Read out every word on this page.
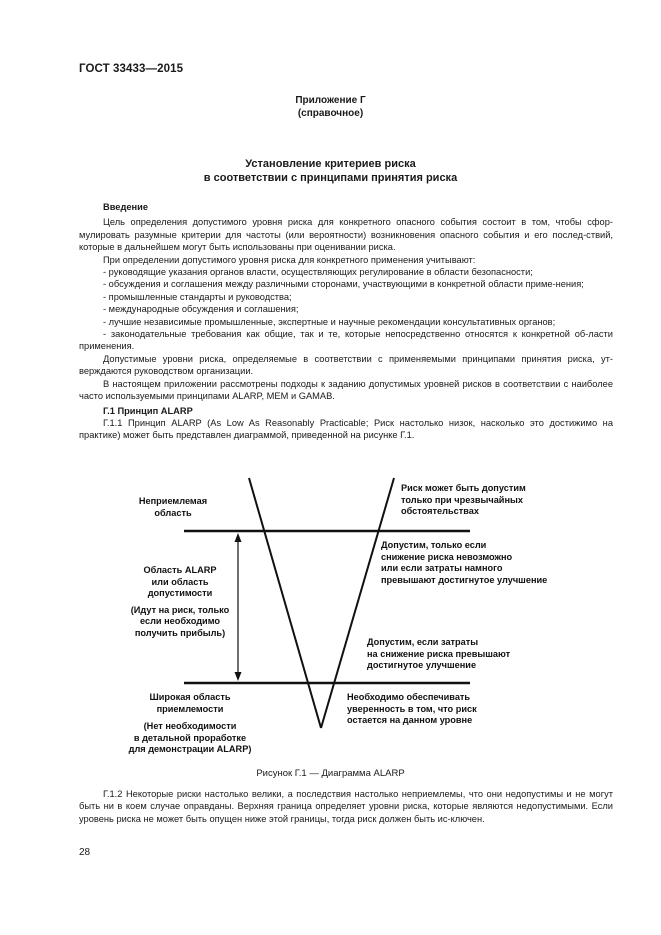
ГОСТ 33433—2015
Приложение Г
(справочное)
Установление критериев риска
в соответствии с принципами принятия риска

Введение

Цель определения допустимого уровня риска для конкретного опасного события состоит в том, чтобы сфор-мулировать разумные критерии для частоты (или вероятности) возникновения опасного события и его послед-ствий, которые в дальнейшем могут быть использованы при оценивании риска.

При определении допустимого уровня риска для конкретного применения учитывают:

- руководящие указания органов власти, осуществляющих регулирование в области безопасности;

- обсуждения и соглашения между различными сторонами, участвующими в конкретной области приме-нения;

- промышленные стандарты и руководства;

- международные обсуждения и соглашения;

- лучшие независимые промышленные, экспертные и научные рекомендации консультативных органов;

- законодательные требования как общие, так и те, которые непосредственно относятся к конкретной об-ласти применения.

Допустимые уровни риска, определяемые в соответствии с применяемыми принципами принятия риска, ут-верждаются руководством организации.

В настоящем приложении рассмотрены подходы к заданию допустимых уровней рисков в соответствии с наиболее часто используемыми принципами ALARP, MEM и GAMAB.

Г.1 Принцип ALARP

Г.1.1 Принцип ALARP (As Low As Reasonably Practicable; Риск настолько низок, насколько это достижимо на практике) может быть представлен диаграммой, приведенной на рисунке Г.1.

Неприемлемая
область
Область ALARP
или область
допустимости
(Идут на риск, только
если необходимо
получить прибыль)
Широкая область
приемлемости
(Нет необходимости
в детальной проработке
для демонстрации ALARP)
Риск может быть допустим
только при чрезвычайных
обстоятельствах
Допустим, только если
снижение риска невозможно
или если затраты намного
превышают достигнутое улучшение
Допустим, если затраты
на снижение риска превышают
достигнутое улучшение
Необходимо обеспечивать
уверенность в том, что риск
остается на данном уровне
Рисунок Г.1 — Диаграмма ALARP

Г.1.2 Некоторые риски настолько велики, а последствия настолько неприемлемы, что они недопустимы и не могут быть ни в коем случае оправданы. Верхняя граница определяет уровни риска, которые являются недопустимыми. Если уровень риска не может быть опущен ниже этой границы, тогда риск должен быть ис-ключен.

28
